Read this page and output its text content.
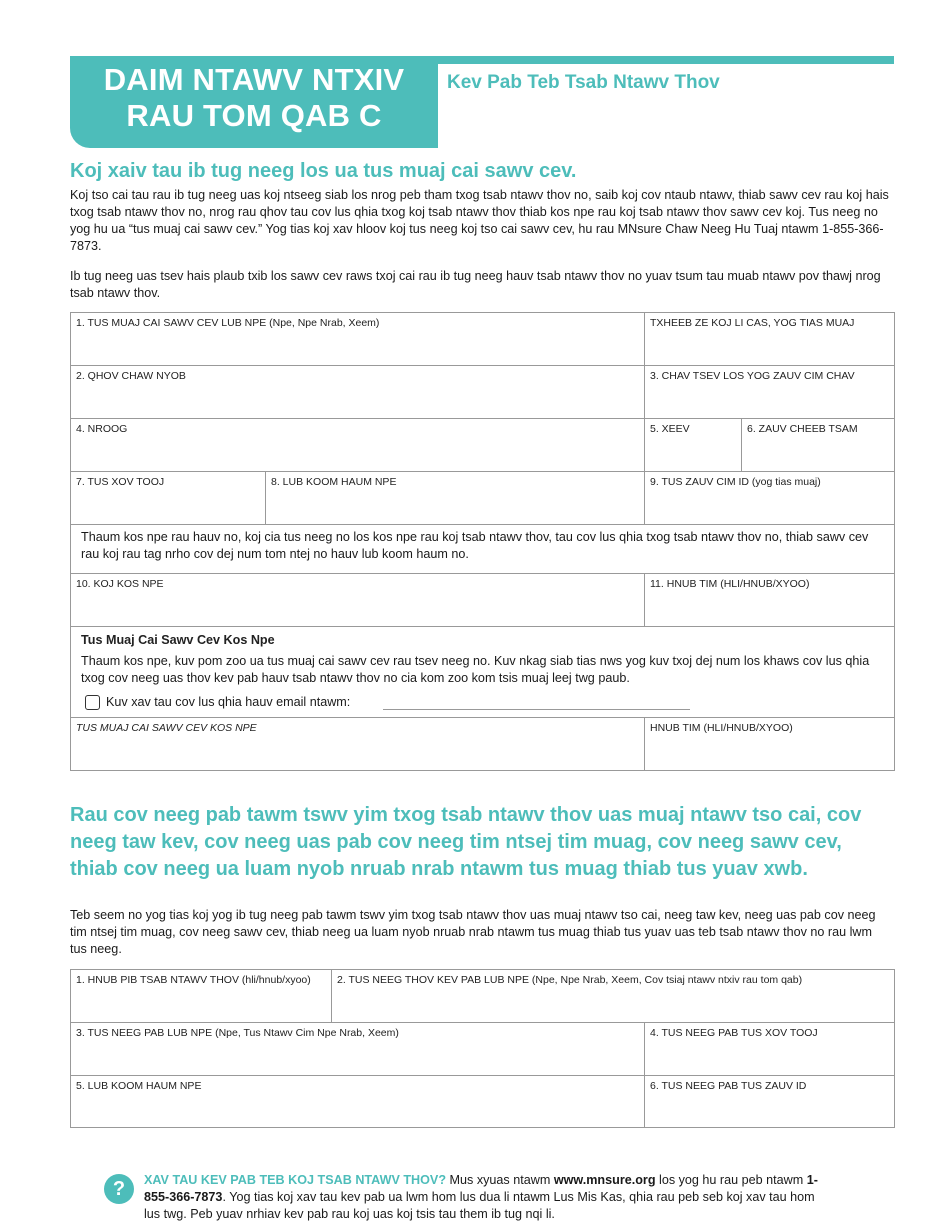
DAIM NTAWV NTXIV
RAU TOM QAB C
Kev Pab Teb Tsab Ntawv Thov
Koj xaiv tau ib tug neeg los ua tus muaj cai sawv cev.
Koj tso cai tau rau ib tug neeg uas koj ntseeg siab los nrog peb tham txog tsab ntawv thov no, saib koj cov ntaub ntawv, thiab sawv cev rau koj hais txog tsab ntawv thov no, nrog rau qhov tau cov lus qhia txog koj tsab ntawv thov thiab kos npe rau koj tsab ntawv thov sawv cev koj. Tus neeg no yog hu ua “tus muaj cai sawv cev.” Yog tias koj xav hloov koj tus neeg koj tso cai sawv cev, hu rau MNsure Chaw Neeg Hu Tuaj ntawm 1-855-366-7873.
Ib tug neeg uas tsev hais plaub txib los sawv cev raws txoj cai rau ib tug neeg hauv tsab ntawv thov no yuav tsum tau muab ntawv pov thawj nrog tsab ntawv thov.
1. TUS MUAJ CAI SAWV CEV LUB NPE (Npe, Npe Nrab, Xeem)	TXHEEB ZE KOJ LI CAS, YOG TIAS MUAJ
2. QHOV CHAW NYOB	3. CHAV TSEV LOS YOG ZAUV CIM CHAV
4. NROOG	5. XEEV	6. ZAUV CHEEB TSAM
7. TUS XOV TOOJ	8. LUB KOOM HAUM NPE	9. TUS ZAUV CIM ID (yog tias muaj)
Thaum kos npe rau hauv no, koj cia tus neeg no los kos npe rau koj tsab ntawv thov, tau cov lus qhia txog tsab ntawv thov no, thiab sawv cev rau koj rau tag nrho cov dej num tom ntej no hauv lub koom haum no.
10. KOJ KOS NPE	11. HNUB TIM (HLI/HNUB/XYOO)
Tus Muaj Cai Sawv Cev Kos Npe
Thaum kos npe, kuv pom zoo ua tus muaj cai sawv cev rau tsev neeg no. Kuv nkag siab tias nws yog kuv txoj dej num los khaws cov lus qhia txog cov neeg uas thov kev pab hauv tsab ntawv thov no cia kom zoo kom tsis muaj leej twg paub.
Kuv xav tau cov lus qhia hauv email ntawm:
TUS MUAJ CAI SAWV CEV KOS NPE	HNUB TIM (HLI/HNUB/XYOO)
Rau cov neeg pab tawm tswv yim txog tsab ntawv thov uas muaj ntawv tso cai, cov neeg taw kev, cov neeg uas pab cov neeg tim ntsej tim muag, cov neeg sawv cev, thiab cov neeg ua luam nyob nruab nrab ntawm tus muag thiab tus yuav xwb.
Teb seem no yog tias koj yog ib tug neeg pab tawm tswv yim txog tsab ntawv thov uas muaj ntawv tso cai, neeg taw kev, neeg uas pab cov neeg tim ntsej tim muag, cov neeg sawv cev, thiab neeg ua luam nyob nruab nrab ntawm tus muag thiab tus yuav uas teb tsab ntawv thov no rau lwm tus neeg.
1. HNUB PIB TSAB NTAWV THOV (hli/hnub/xyoo)	2. TUS NEEG THOV KEV PAB LUB NPE (Npe, Npe Nrab, Xeem, Cov tsiaj ntawv ntxiv rau tom qab)
3. TUS NEEG PAB LUB NPE (Npe, Tus Ntawv Cim Npe Nrab, Xeem)	4. TUS NEEG PAB TUS XOV TOOJ
5. LUB KOOM HAUM NPE	6. TUS NEEG PAB TUS ZAUV ID
?	XAV TAU KEV PAB TEB KOJ TSAB NTAWV THOV? Mus xyuas ntawm www.mnsure.org los yog hu rau peb ntawm 1-855-366-7873. Yog tias koj xav tau kev pab ua lwm hom lus dua li ntawm Lus Mis Kas, qhia rau peb seb koj xav tau hom lus twg. Peb yuav nrhiav kev pab rau koj uas koj tsis tau them ib tug nqi li.
